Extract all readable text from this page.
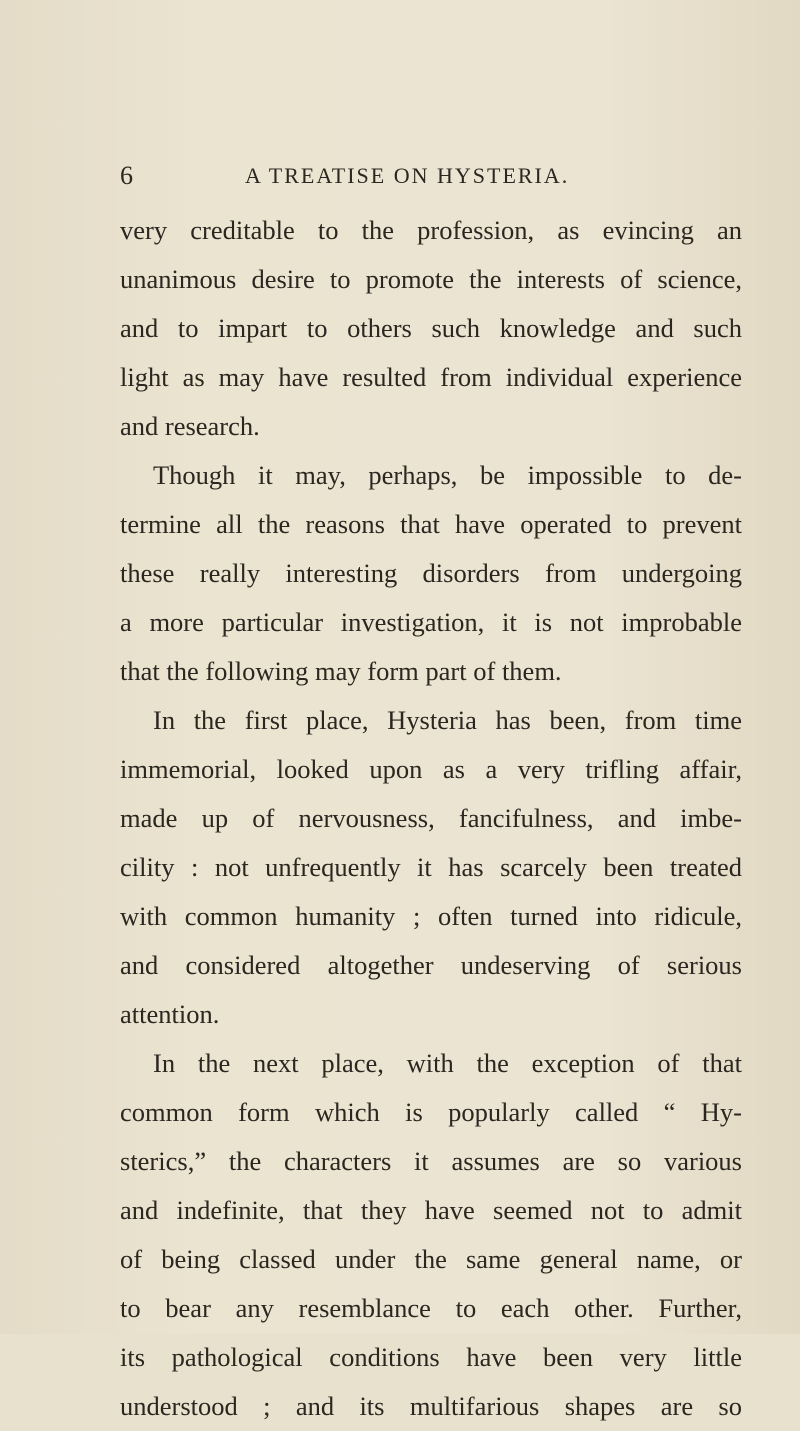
6	A TREATISE ON HYSTERIA.
very creditable to the profession, as evincing an
unanimous desire to promote the interests of science,
and to impart to others such knowledge and such
light as may have resulted from individual experience
and research.
Though it may, perhaps, be impossible to de-
termine all the reasons that have operated to prevent
these really interesting disorders from undergoing
a more particular investigation, it is not improbable
that the following may form part of them.
In the first place, Hysteria has been, from time
immemorial, looked upon as a very trifling affair,
made up of nervousness, fancifulness, and imbe-
cility : not unfrequently it has scarcely been treated
with common humanity ; often turned into ridicule,
and considered altogether undeserving of serious
attention.
In the next place, with the exception of that
common form which is popularly called “ Hy-
sterics,” the characters it assumes are so various
and indefinite, that they have seemed not to admit
of being classed under the same general name, or
to bear any resemblance to each other. Further,
its pathological conditions have been very little
understood ; and its multifarious shapes are so
